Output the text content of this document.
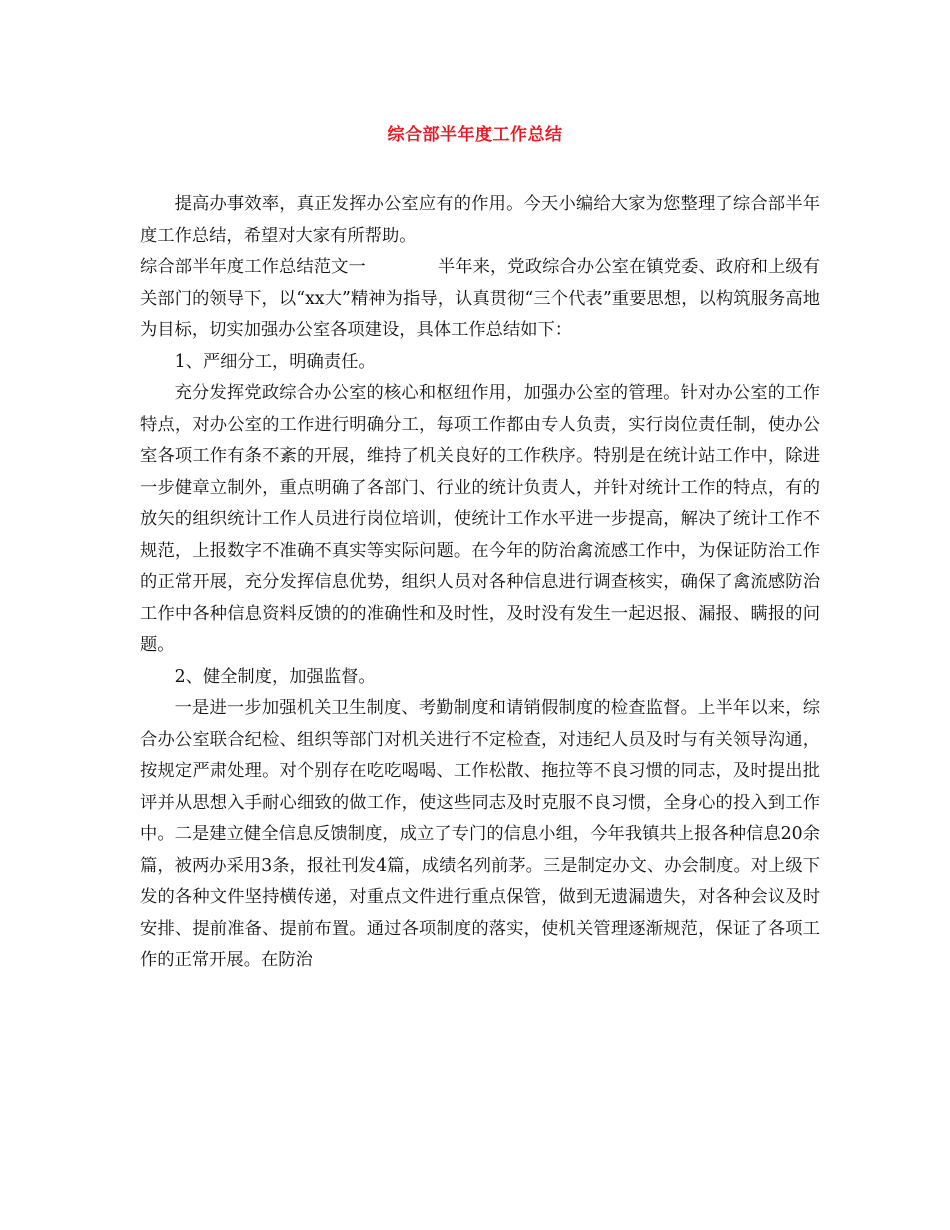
综合部半年度工作总结

提高办事效率，真正发挥办公室应有的作用。今天小编给大家为您整理了综合部半年度工作总结，希望对大家有所帮助。

综合部半年度工作总结范文一	半年来，党政综合办公室在镇党委、政府和上级有关部门的领导下，以“xx大”精神为指导，认真贯彻“三个代表”重要思想，以构筑服务高地为目标，切实加强办公室各项建设，具体工作总结如下：

1、严细分工，明确责任。

充分发挥党政综合办公室的核心和枢纽作用，加强办公室的管理。针对办公室的工作特点，对办公室的工作进行明确分工，每项工作都由专人负责，实行岗位责任制，使办公室各项工作有条不紊的开展，维持了机关良好的工作秩序。特别是在统计站工作中，除进一步健章立制外，重点明确了各部门、行业的统计负责人，并针对统计工作的特点，有的放矢的组织统计工作人员进行岗位培训，使统计工作水平进一步提高，解决了统计工作不规范，上报数字不准确不真实等实际问题。在今年的防治禽流感工作中，为保证防治工作的正常开展，充分发挥信息优势，组织人员对各种信息进行调查核实，确保了禽流感防治工作中各种信息资料反馈的的准确性和及时性，及时没有发生一起迟报、漏报、瞒报的问题。

2、健全制度，加强监督。

一是进一步加强机关卫生制度、考勤制度和请销假制度的检查监督。上半年以来，综合办公室联合纪检、组织等部门对机关进行不定检查，对违纪人员及时与有关领导沟通，按规定严肃处理。对个别存在吃吃喝喝、工作松散、拖拉等不良习惯的同志，及时提出批评并从思想入手耐心细致的做工作，使这些同志及时克服不良习惯，全身心的投入到工作中。二是建立健全信息反馈制度，成立了专门的信息小组，今年我镇共上报各种信息20余篇，被两办采用3条，报社刊发4篇，成绩名列前茅。三是制定办文、办会制度。对上级下发的各种文件坚持横传递，对重点文件进行重点保管，做到无遗漏遗失，对各种会议及时安排、提前准备、提前布置。通过各项制度的落实，使机关管理逐渐规范，保证了各项工作的正常开展。在防治
